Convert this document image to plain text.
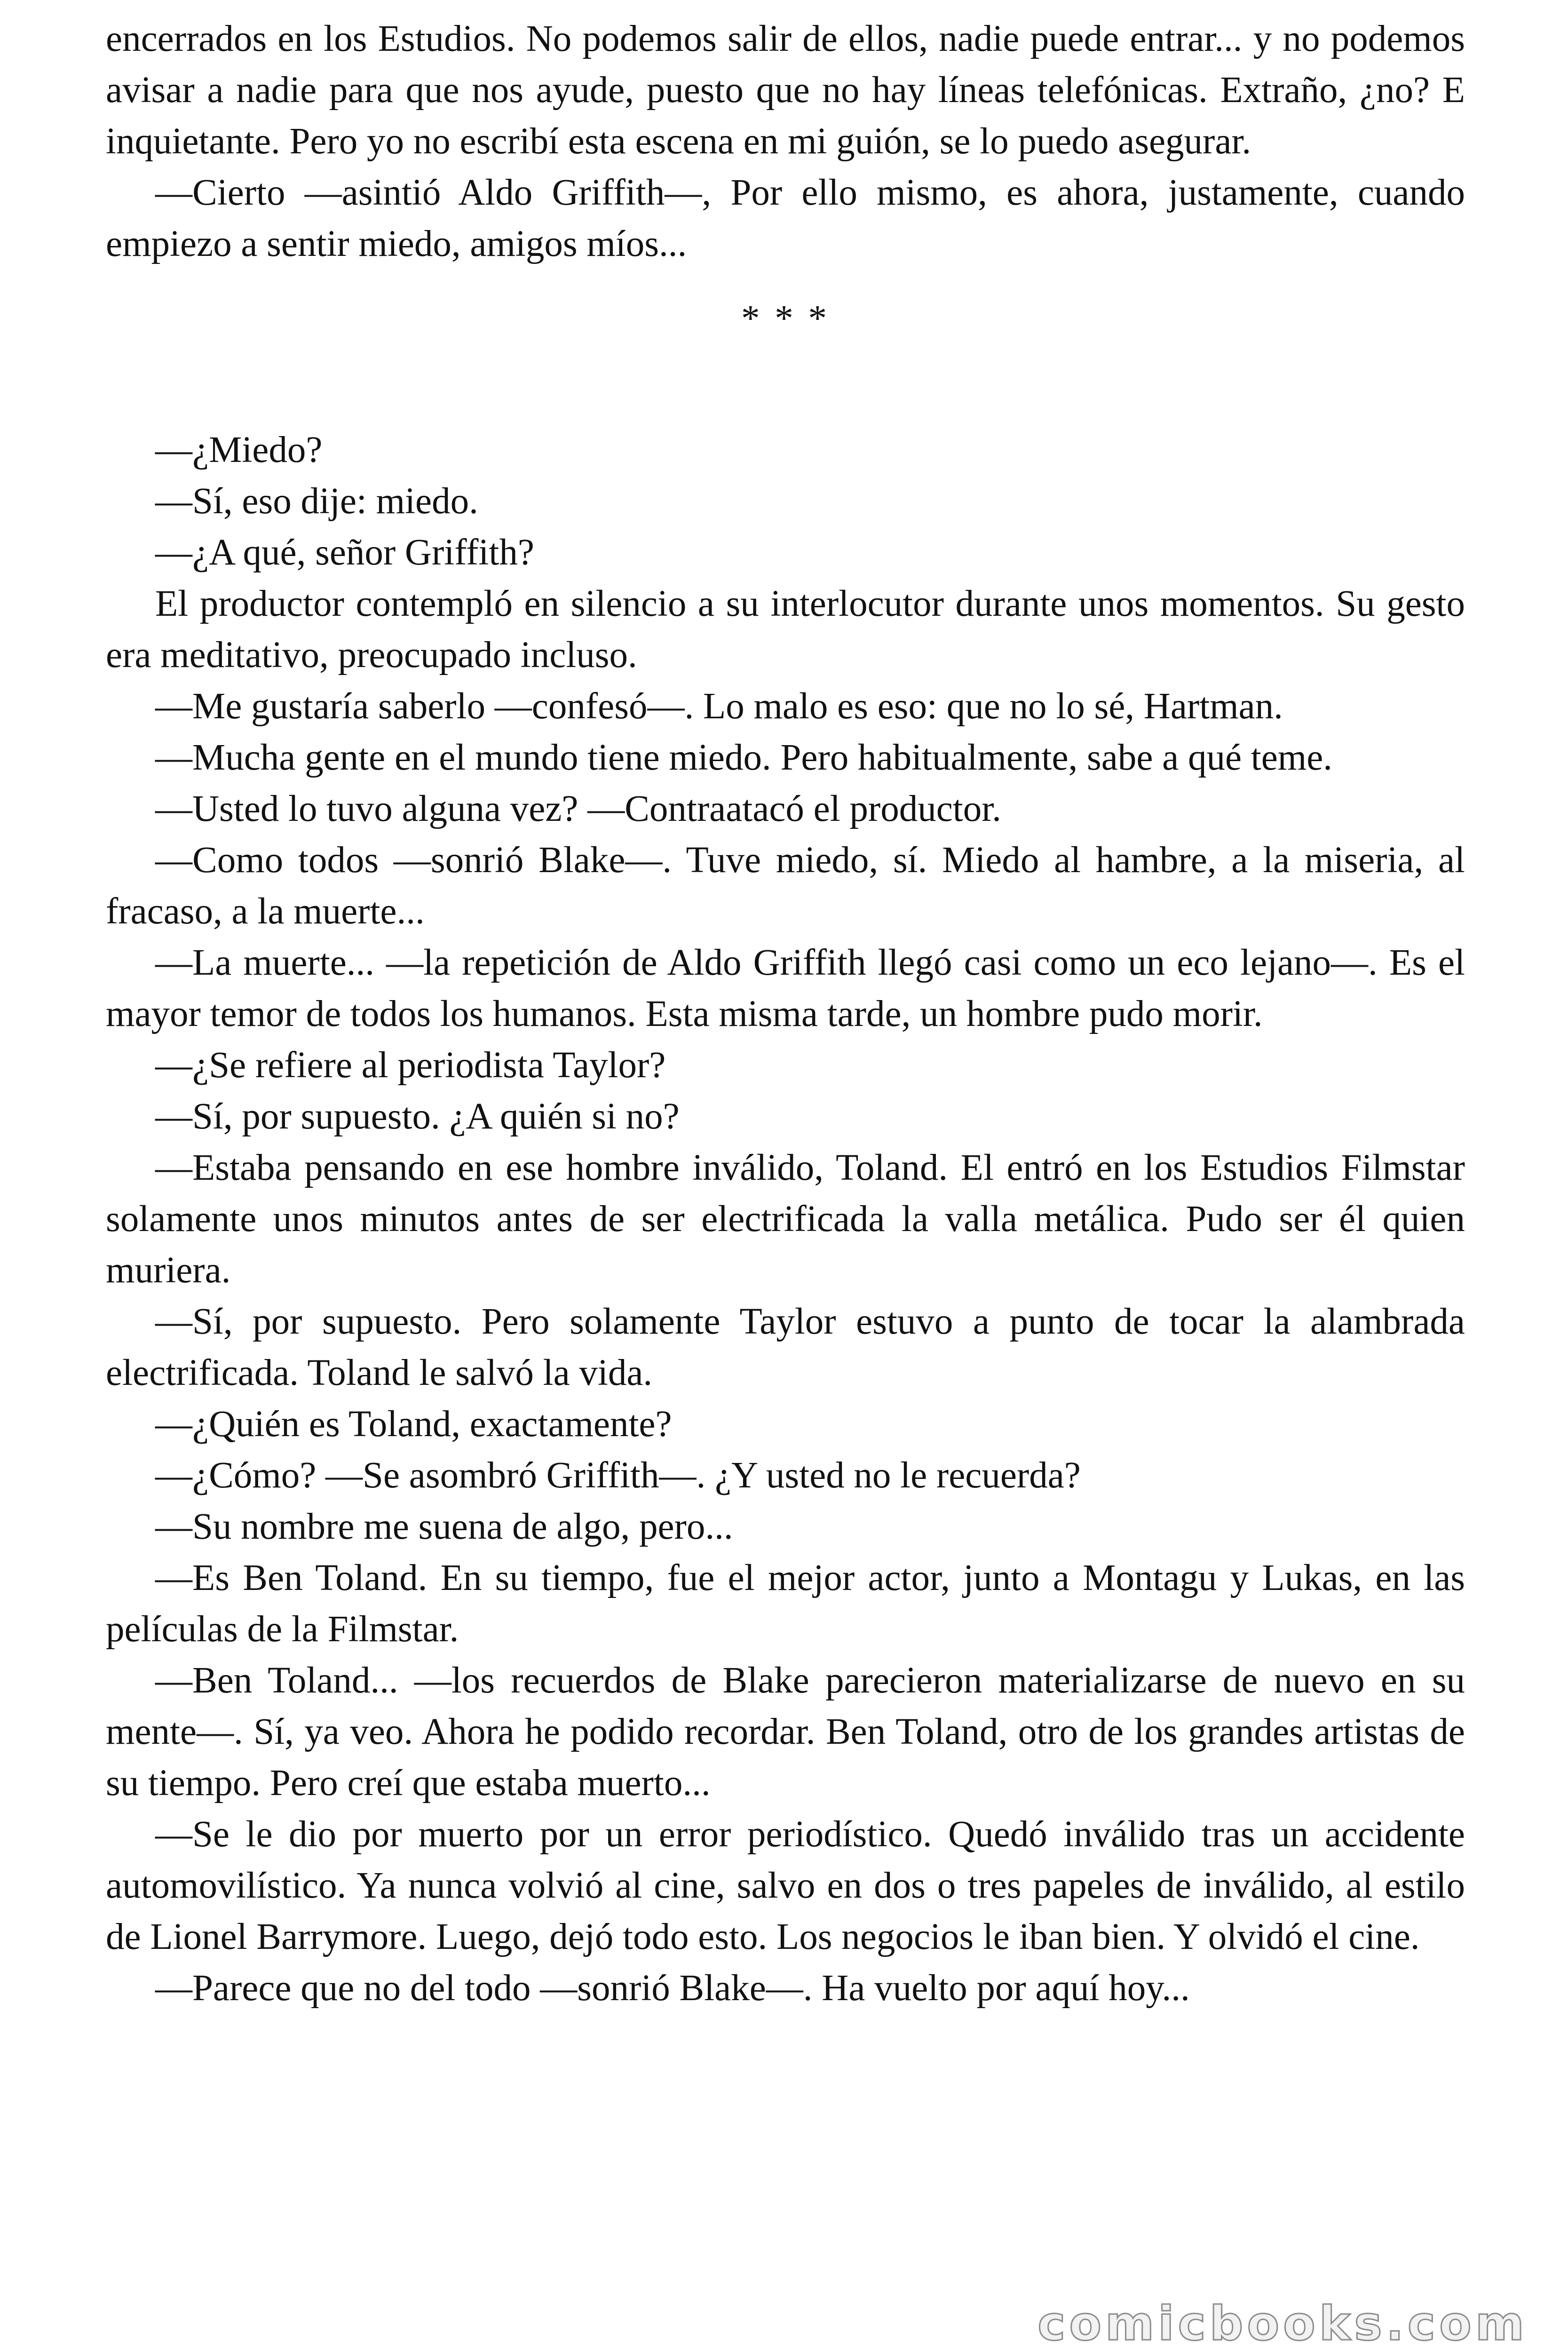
encerrados en los Estudios. No podemos salir de ellos, nadie puede entrar... y no podemos avisar a nadie para que nos ayude, puesto que no hay líneas telefónicas. Extraño, ¿no? E inquietante. Pero yo no escribí esta escena en mi guión, se lo puedo asegurar.

—Cierto —asintió Aldo Griffith—, Por ello mismo, es ahora, justamente, cuando empiezo a sentir miedo, amigos míos...

* * *

—¿Miedo?

—Sí, eso dije: miedo.

—¿A qué, señor Griffith?

El productor contempló en silencio a su interlocutor durante unos momentos. Su gesto era meditativo, preocupado incluso.

—Me gustaría saberlo —confesó—. Lo malo es eso: que no lo sé, Hartman.

—Mucha gente en el mundo tiene miedo. Pero habitualmente, sabe a qué teme.

—Usted lo tuvo alguna vez? —Contraatacó el productor.

—Como todos —sonrió Blake—. Tuve miedo, sí. Miedo al hambre, a la miseria, al fracaso, a la muerte...

—La muerte... —la repetición de Aldo Griffith llegó casi como un eco lejano—. Es el mayor temor de todos los humanos. Esta misma tarde, un hombre pudo morir.

—¿Se refiere al periodista Taylor?

—Sí, por supuesto. ¿A quién si no?

—Estaba pensando en ese hombre inválido, Toland. El entró en los Estudios Filmstar solamente unos minutos antes de ser electrificada la valla metálica. Pudo ser él quien muriera.

—Sí, por supuesto. Pero solamente Taylor estuvo a punto de tocar la alambrada electrificada. Toland le salvó la vida.

—¿Quién es Toland, exactamente?

—¿Cómo? —Se asombró Griffith—. ¿Y usted no le recuerda?

—Su nombre me suena de algo, pero...

—Es Ben Toland. En su tiempo, fue el mejor actor, junto a Montagu y Lukas, en las películas de la Filmstar.

—Ben Toland... —los recuerdos de Blake parecieron materializarse de nuevo en su mente—. Sí, ya veo. Ahora he podido recordar. Ben Toland, otro de los grandes artistas de su tiempo. Pero creí que estaba muerto...

—Se le dio por muerto por un error periodístico. Quedó inválido tras un accidente automovilístico. Ya nunca volvió al cine, salvo en dos o tres papeles de inválido, al estilo de Lionel Barrymore. Luego, dejó todo esto. Los negocios le iban bien. Y olvidó el cine.

—Parece que no del todo —sonrió Blake—. Ha vuelto por aquí hoy...

comicbooks.com
